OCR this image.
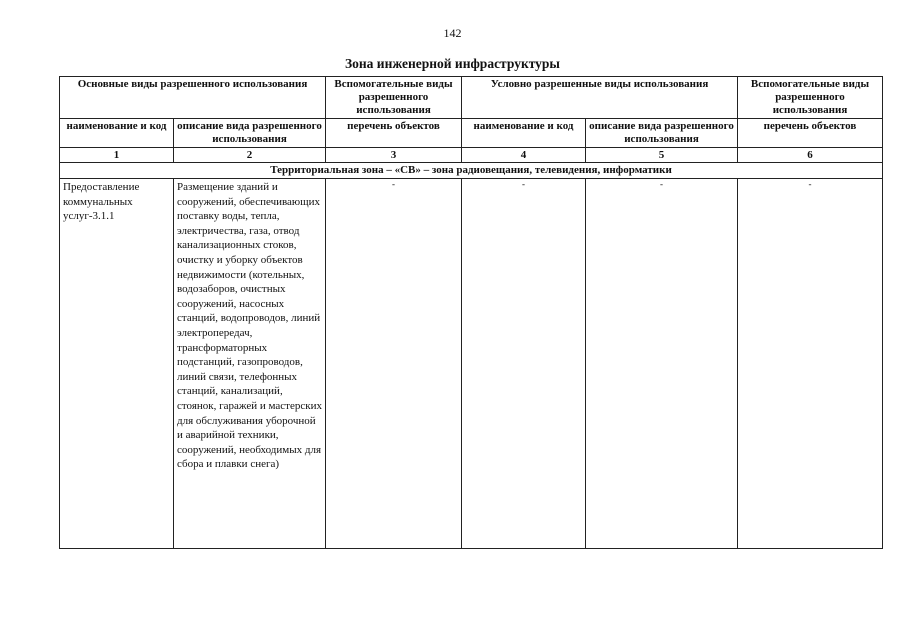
142
Зона инженерной инфраструктуры
Основные виды разрешенного использования		Вспомогательные виды разрешенного использования	Условно разрешенные виды использования		Вспомогательные виды разрешенного использования
наименование и код	описание вида разрешенного использования	перечень объектов	наименование и код	описание вида разрешенного использования	перечень объектов
1	2	3	4	5	6
Территориальная зона – «СВ» – зона радиовещания, телевидения, информатики					
Предоставление коммунальных услуг-3.1.1	Размещение зданий и сооружений, обеспечивающих поставку воды, тепла, электричества, газа, отвод канализационных стоков, очистку и уборку объектов недвижимости (котельных, водозаборов, очистных сооружений, насосных станций, водопроводов, линий электропередач, трансформаторных подстанций, газопроводов, линий связи, телефонных станций, канализаций, стоянок, гаражей и мастерских для обслуживания уборочной и аварийной техники, сооружений, необходимых для сбора и плавки снега)	-	-	-	-
